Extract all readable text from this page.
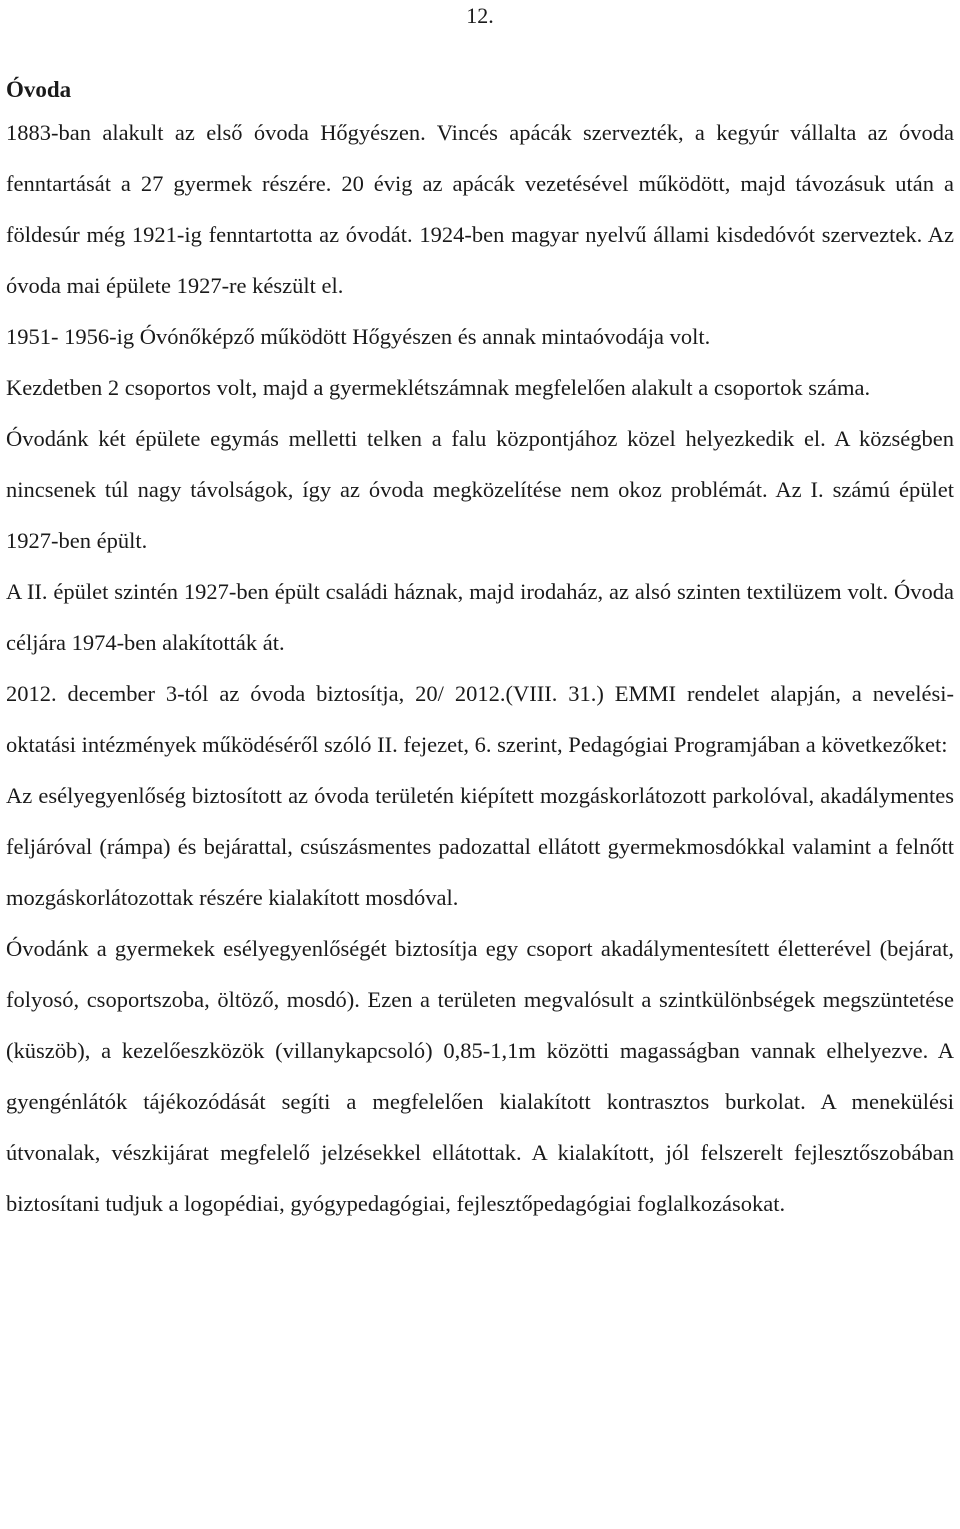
12.
Óvoda

1883-ban alakult az első óvoda Hőgyészen. Vincés apácák szervezték, a kegyúr vállalta az óvoda fenntartását a 27 gyermek részére. 20 évig az apácák vezetésével működött, majd távozásuk után a földesúr még 1921-ig fenntartotta az óvodát. 1924-ben magyar nyelvű állami kisdedóvót szerveztek. Az óvoda mai épülete 1927-re készült el.

1951- 1956-ig Óvónőképző működött Hőgyészen és annak mintaóvodája volt.

Kezdetben 2 csoportos volt, majd a gyermeklétszámnak megfelelően alakult a csoportok száma.

Óvodánk két épülete egymás melletti telken a falu központjához közel helyezkedik el. A községben nincsenek túl nagy távolságok, így az óvoda megközelítése nem okoz problémát. Az I. számú épület 1927-ben épült.

A II. épület szintén 1927-ben épült családi háznak, majd irodaház, az alsó szinten textilüzem volt. Óvoda céljára 1974-ben alakították át.

2012. december 3-tól az óvoda biztosítja, 20/ 2012.(VIII. 31.) EMMI rendelet alapján, a nevelési-oktatási intézmények működéséről szóló II. fejezet, 6. szerint, Pedagógiai Programjában a következőket:

Az esélyegyenlőség biztosított az óvoda területén kiépített mozgáskorlátozott parkolóval, akadálymentes feljáróval (rámpa) és bejárattal, csúszásmentes padozattal ellátott gyermekmosdókkal valamint a felnőtt mozgáskorlátozottak részére kialakított mosdóval.

Óvodánk a gyermekek esélyegyenlőségét biztosítja egy csoport akadálymentesített életterével (bejárat, folyosó, csoportszoba, öltöző, mosdó). Ezen a területen megvalósult a szintkülönbségek megszüntetése (küszöb), a kezelőeszközök (villanykapcsoló) 0,85-1,1m közötti magasságban vannak elhelyezve. A gyengénlátók tájékozódását segíti a megfelelően kialakított kontrasztos burkolat. A menekülési útvonalak, vészkijárat megfelelő jelzésekkel ellátottak. A kialakított, jól felszerelt fejlesztőszobában biztosítani tudjuk a logopédiai, gyógypedagógiai, fejlesztőpedagógiai foglalkozásokat.
